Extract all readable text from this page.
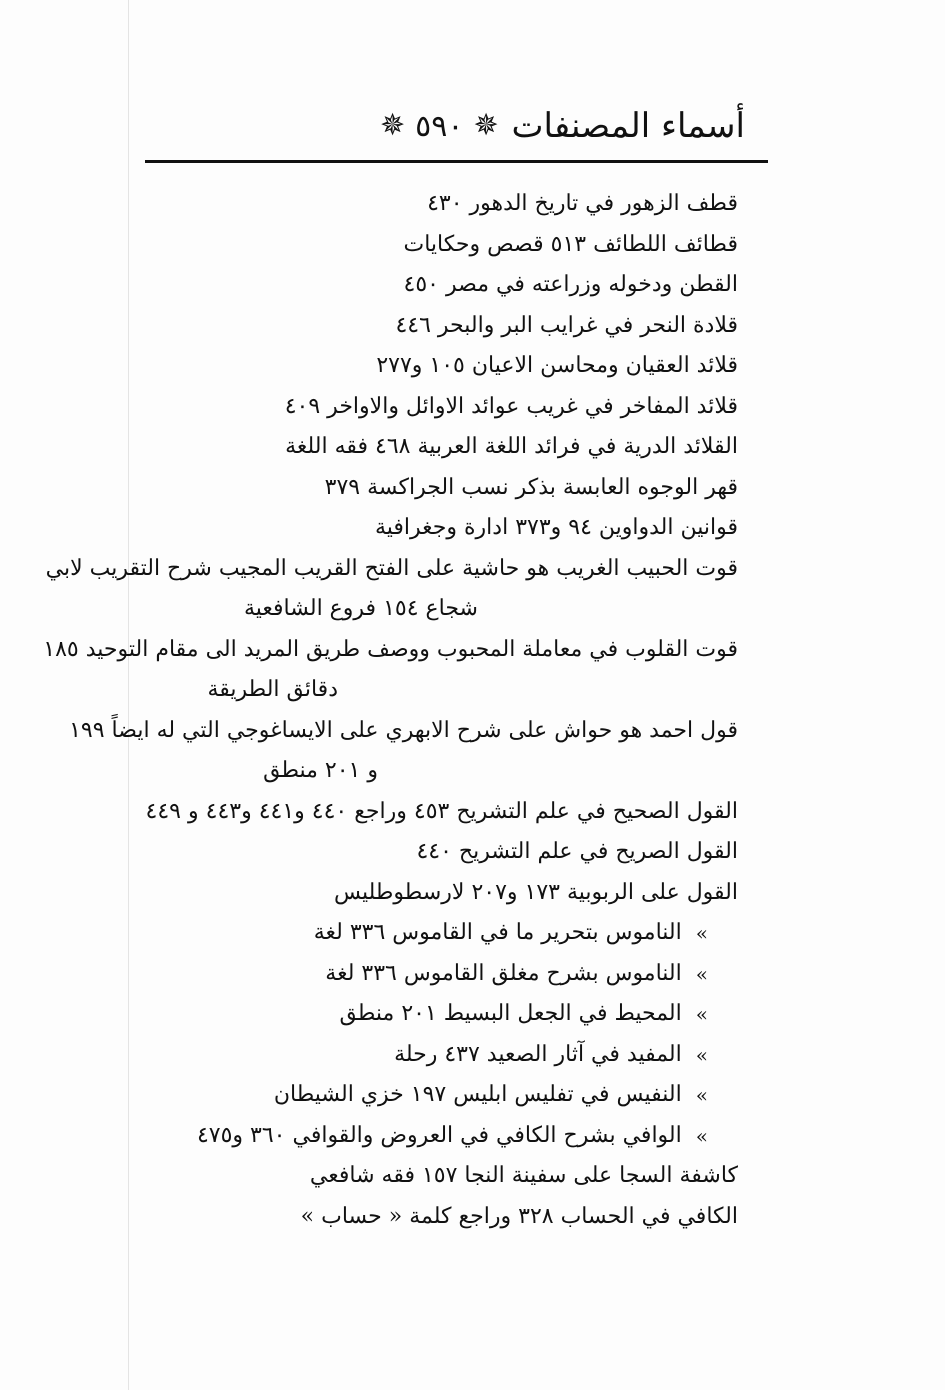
أسماء المصنفات
✵
٥٩٠
✵
قطف الزهور في تاريخ الدهور ٤٣٠
قطائف اللطائف ٥١٣ قصص وحكايات
القطن ودخوله وزراعته في مصر ٤٥٠
قلادة النحر في غرايب البر والبحر ٤٤٦
قلائد العقيان ومحاسن الاعيان ١٠٥ و٢٧٧
قلائد المفاخر في غريب عوائد الاوائل والاواخر ٤٠٩
القلائد الدرية في فرائد اللغة العربية ٤٦٨ فقه اللغة
قهر الوجوه العابسة بذكر نسب الجراكسة ٣٧٩
قوانين الدواوين ٩٤ و٣٧٣ ادارة وجغرافية
قوت الحبيب الغريب هو حاشية على الفتح القريب المجيب شرح التقريب لابي
شجاع ١٥٤ فروع الشافعية
قوت القلوب في معاملة المحبوب ووصف طريق المريد الى مقام التوحيد ١٨٥
دقائق الطريقة
قول احمد هو حواش على شرح الابهري على الايساغوجي التي له ايضاً ١٩٩
و ٢٠١ منطق
القول الصحيح في علم التشريح ٤٥٣ وراجع ٤٤٠ و٤٤١ و٤٤٣ و ٤٤٩
القول الصريح في علم التشريح ٤٤٠
القول على الربوبية ١٧٣ و٢٠٧ لارسطوطليس
»
الناموس بتحرير ما في القاموس ٣٣٦ لغة
»
الناموس بشرح مغلق القاموس ٣٣٦ لغة
»
المحيط في الجعل البسيط ٢٠١ منطق
»
المفيد في آثار الصعيد ٤٣٧ رحلة
»
النفيس في تفليس ابليس ١٩٧ خزي الشيطان
»
الوافي بشرح الكافي في العروض والقوافي ٣٦٠ و٤٧٥
كاشفة السجا على سفينة النجا ١٥٧ فقه شافعي
الكافي في الحساب ٣٢٨ وراجع كلمة « حساب »
